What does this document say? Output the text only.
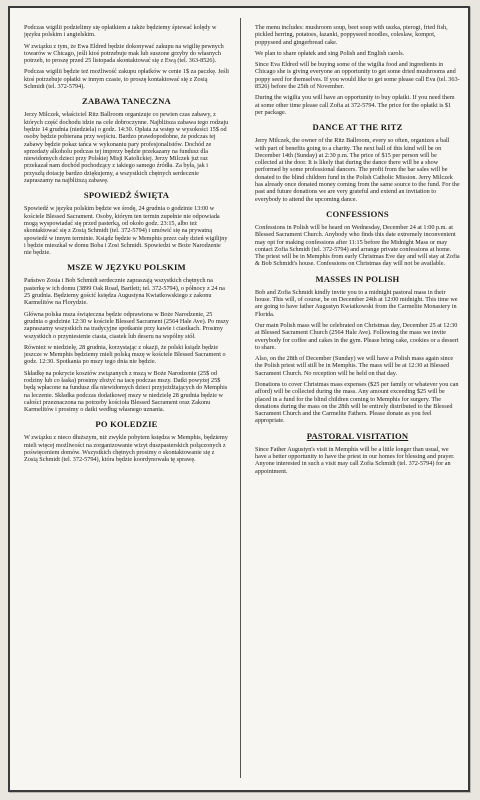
Podczas wigilii podzielimy się opłatkiem a także będziemy śpiewać kolędy w języku polskim i angielskim.

W związku z tym, że Ewa Eldred będzie dokonywać zakupu na wigilię pewnych towarów w Chicago, jeśli ktoś potrzebuje mak lub suszone grzyby do własnych potrzeb, to proszę przed 25 listopada skontaktować się z Ewą (tel. 363-8526).

Podczas wigilii będzie też możliwość zakupu opłatków w cenie 1$ za paczkę. Jeśli ktoś potrzebuje opłatki w innym czasie, to proszę kontaktować się z Zosią Schmidt (tel. 372-5794).

ZABAWA TANECZNA

Jerzy Milczek, właściciel Ritz Ballroom organizuje co pewien czas zabawy, z których część dochodu idzie na cele dobroczynne. Najbliższa zabawa tego rodzaju będzie 14 grudnia (niedziela) o godz. 14:30. Opłata za wstęp w wysokości 15$ od osoby będzie pobierana przy wejściu. Bardzo prawdopodobne, że podczas tej zabawy będzie pokaz tańca w wykonaniu pary profesjonalistów. Dochód ze sprzedaży alkoholu podczas tej imprezy będzie przekazany na fundusz dla niewidomych dzieci przy Polskiej Misji Katolickiej. Jerzy Milczek już raz przekazał nam dochód pochodzący z takiego samego źródła. Za była, jak i przyszłą dotację bardzo dziękujemy, a wszystkich chętnych serdecznie zapraszamy na najbliższą zabawę.

SPOWIEDŹ ŚWIĘTA

Spowiedź w języku polskim będzie we środę, 24 grudnia o godzinie 13:00 w kościele Blessed Sacrament. Osoby, którym ten termin zupełnie nie odpowiada mogą wyspowiadać się przed pasterką, od około godz. 23:15, albo też skontaktować się z Zosią Schmidt (tel. 372-5794) i umówić się na prywatną spowiedź w innym terminie. Ksiądz będzie w Memphis przez cały dzień wigilijny i będzie mieszkał w domu Boba i Zosi Schmidt. Spowiedzi w Boże Narodzenie nie będzie.

MSZE W JĘZYKU POLSKIM

Państwo Zosia i Bob Schmidt serdecznie zapraszają wszystkich chętnych na pasterkę w ich domu (3899 Oak Road, Bartlett; tel. 372-5794), o północy z 24 na 25 grudnia. Będziemy gościć księdza Augustyna Kwiatkowskiego z zakonu Karmelitów na Florydzie.

Główna polska msza świąteczna będzie odprawiona w Boże Narodzenie, 25 grudnia o godzinie 12:30 w kościele Blessed Sacrament (2564 Hale Ave). Po mszy zapraszamy wszystkich na tradycyjne spotkanie przy kawie i ciastkach. Prosimy wszystkich o przyniesienie ciasta, ciastek lub deseru na wspólny stół.

Również w niedzielę, 28 grudnia, korzystając z okazji, że polski ksiądz będzie jeszcze w Memphis będziemy mieli polską mszę w kościele Blessed Sacrament o godz. 12:30. Spotkania po mszy tego dnia nie będzie.

Składkę na pokrycie kosztów związanych z mszą w Boże Narodzenie (25$ od rodziny lub co łaska) prosimy złożyć na tacę podczas mszy. Datki powyżej 25$ będą wpłacone na fundusz dla niewidomych dzieci przyjeżdżających do Memphis na leczenie. Składka podczas dodatkowej mszy w niedzielę 28 grudnia będzie w całości przeznaczona na potrzeby kościoła Blessed Sacrament oraz Zakonu Karmelitów i prosimy o datki według własnego uznania.

PO KOLEDZIE

W związku z nieco dłuższym, niż zwykle pobytem księdza w Memphis, będziemy mieli więcej możliwości na zorganizowanie wizyt duszpasterskich połączonych z poświęceniem domów. Wszystkich chętnych prosimy o skontaktowanie się z Zosią Schmidt (tel. 372-5794), która będzie koordynowała tę sprawę.

The menu includes: mushroom soup, beet soup with uszka, pierogi, fried fish, pickled herring, potatoes, łazanki, poppyseed noodles, coleslaw, kompot, poppyseed and gingerbread cake.

We plan to share opłatek and sing Polish and English carols.

Since Eva Eldred will be buying some of the wigilia food and ingredients in Chicago she is giving everyone an opportunity to get some dried mushrooms and poppy seed for themselves. If you would like to get some please call Eva (tel. 363-8526) before the 25th of November.

During the wigilia you will have an opportunity to buy opłatki. If you need them at some other time please call Zofia at 372-5794. The price for the opłatki is $1 per package.

DANCE AT THE RITZ

Jerry Milczek, the owner of the Ritz Ballroom, every so often, organizes a ball with part of benefits going to a charity. The next ball of this kind will be on December 14th (Sunday) at 2:30 p.m. The price of $15 per person will be collected at the door. It is likely that during the dance there will be a show performed by some professional dancers. The profit from the bar sales will be donated to the blind children fund in the Polish Catholic Mission. Jerry Milczek has already once donated money coming from the same source to the fund. For the past and future donations we are very grateful and extend an invitation to everybody to attend the upcoming dance.

CONFESSIONS

Confessions in Polish will be heard on Wednesday, December 24 at 1:00 p.m. at Blessed Sacrament Church. Anybody who finds this date extremely inconvenient may opt for making confessions after 11:15 before the Midnight Mass or may contact Zofia Schmidt (tel. 372-5794) and arrange private confessions at home. The priest will be in Memphis from early Christmas Eve day and will stay at Zofia & Bob Schmidt's house. Confessions on Christmas day will not be available.

MASSES IN POLISH

Bob and Zofia Schmidt kindly invite you to a midnight pastoral mass in their house. This will, of course, be on December 24th at 12:00 midnight. This time we are going to have father Augustyn Kwiatkowski from the Carmelite Monastery in Florida.

Our main Polish mass will be celebrated on Christmas day, December 25 at 12:30 at Blessed Sacrament Church (2564 Hale Ave). Following the mass we invite everybody for coffee and cakes in the gym. Please bring cake, cookies or a dessert to share.

Also, on the 28th of December (Sunday) we will have a Polish mass again since the Polish priest will still be in Memphis. The mass will be at 12:30 at Blessed Sacrament Church. No reception will be held on that day.

Donations to cover Christmas mass expenses ($25 per family or whatever you can afford) will be collected during the mass. Any amount exceeding $25 will be placed in a fund for the blind children coming to Memphis for surgery. The donations during the mass on the 28th will be entirely distributed to the Blessed Sacrament Church and the Carmelite Fathers. Please donate as you feel appropriate.

PASTORAL VISITATION

Since Father Augustyn's visit in Memphis will be a little longer than usual, we have a better opportunity to have the priest in our homes for blessing and prayer. Anyone interested in such a visit may call Zofia Schmidt (tel. 372-5794) for an appointment.
